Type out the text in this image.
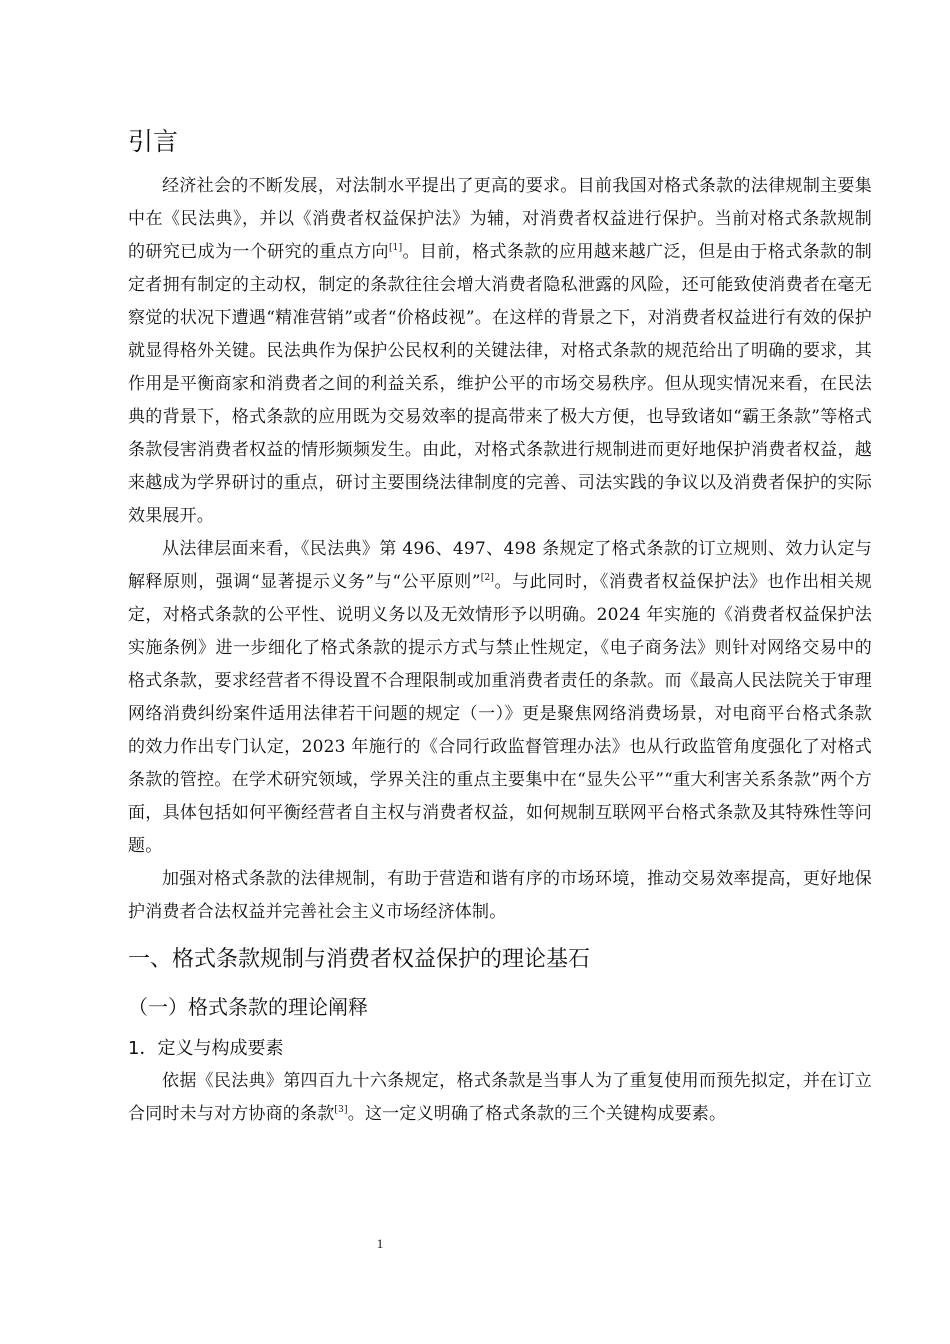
引言

经济社会的不断发展，对法制水平提出了更高的要求。目前我国对格式条款的法律规制主要集中在《民法典》，并以《消费者权益保护法》为辅，对消费者权益进行保护。当前对格式条款规制的研究已成为一个研究的重点方向[1]。目前，格式条款的应用越来越广泛，但是由于格式条款的制定者拥有制定的主动权，制定的条款往往会增大消费者隐私泄露的风险，还可能致使消费者在毫无察觉的状况下遭遇“精准营销”或者“价格歧视”。在这样的背景之下，对消费者权益进行有效的保护就显得格外关键。民法典作为保护公民权利的关键法律，对格式条款的规范给出了明确的要求，其作用是平衡商家和消费者之间的利益关系，维护公平的市场交易秩序。但从现实情况来看，在民法典的背景下，格式条款的应用既为交易效率的提高带来了极大方便，也导致诸如“霸王条款”等格式条款侵害消费者权益的情形频频发生。由此，对格式条款进行规制进而更好地保护消费者权益，越来越成为学界研讨的重点，研讨主要围绕法律制度的完善、司法实践的争议以及消费者保护的实际效果展开。

从法律层面来看，《民法典》第 496、497、498 条规定了格式条款的订立规则、效力认定与解释原则，强调“显著提示义务”与“公平原则”[2]。与此同时，《消费者权益保护法》也作出相关规定，对格式条款的公平性、说明义务以及无效情形予以明确。2024 年实施的《消费者权益保护法实施条例》进一步细化了格式条款的提示方式与禁止性规定，《电子商务法》则针对网络交易中的格式条款，要求经营者不得设置不合理限制或加重消费者责任的条款。而《最高人民法院关于审理网络消费纠纷案件适用法律若干问题的规定（一）》更是聚焦网络消费场景，对电商平台格式条款的效力作出专门认定，2023 年施行的《合同行政监督管理办法》也从行政监管角度强化了对格式条款的管控。在学术研究领域，学界关注的重点主要集中在“显失公平”“重大利害关系条款”两个方面，具体包括如何平衡经营者自主权与消费者权益，如何规制互联网平台格式条款及其特殊性等问题。

加强对格式条款的法律规制，有助于营造和谐有序的市场环境，推动交易效率提高，更好地保护消费者合法权益并完善社会主义市场经济体制。

一、格式条款规制与消费者权益保护的理论基石
（一）格式条款的理论阐释
1．定义与构成要素

依据《民法典》第四百九十六条规定，格式条款是当事人为了重复使用而预先拟定，并在订立合同时未与对方协商的条款[3]。这一定义明确了格式条款的三个关键构成要素。

1
